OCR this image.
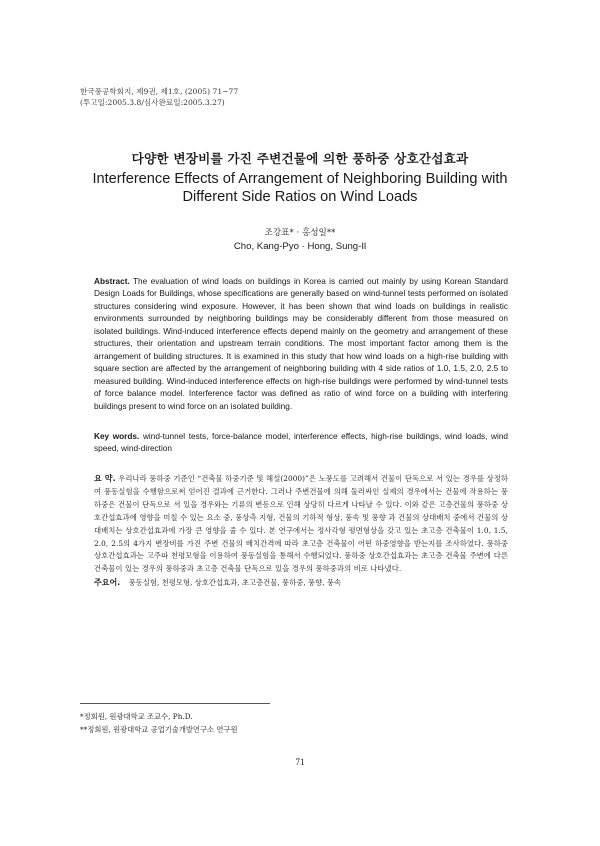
한국풍공학회지, 제9권, 제1호, (2005) 71~77
(투고일:2005.3.8/심사완료일:2005.3.27)
다양한 변장비를 가진 주변건물에 의한 풍하중 상호간섭효과
Interference Effects of Arrangement of Neighboring Building with
Different Side Ratios on Wind Loads
조강표* · 홍성일**
Cho, Kang-Pyo · Hong, Sung-Il
Abstract. The evaluation of wind loads on buildings in Korea is carried out mainly by using Korean Standard Design Loads for Buildings, whose specifications are generally based on wind-tunnel tests performed on isolated structures considering wind exposure. However, it has been shown that wind loads on buildings in realistic environments surrounded by neighboring buildings may be considerably different from those measured on isolated buildings. Wind-induced interference effects depend mainly on the geometry and arrangement of these structures, their orientation and upstream terrain conditions. The most important factor among them is the arrangement of building structures. It is examined in this study that how wind loads on a high-rise building with square section are affected by the arrangement of neighboring building with 4 side ratios of 1.0, 1.5, 2.0, 2.5 to measured building. Wind-induced interference effects on high-rise buildings were performed by wind-tunnel tests of force balance model. Interference factor was defined as ratio of wind force on a building with interfering buildings present to wind force on an isolated building.
Key words. wind-tunnel tests, force-balance model, interference effects, high-rise buildings, wind loads, wind speed, wind-direction
요 약. 우리나라 풍하중 기준인 “건축물 하중기준 및 해설(2000)”은 노풍도를 고려해서 건물이 단독으로 서 있는 경우를 상정하여 풍동실험을 수행함으로써 얻어진 결과에 근거한다. 그러나 주변건물에 의해 둘러싸인 실제의 경우에서는 건물에 작용하는 풍하중은 건물이 단독으로 서 있을 경우와는 기류의 변동으로 인해 상당히 다르게 나타날 수 있다. 이와 같은 고층건물의 풍하중 상호간섭효과에 영향을 미칠 수 있는 요소 중, 풍상측 지형, 건물의 기하적 형상, 풍속 및 풍향 과 건물의 상대배치 중에서 건물의 상대배치는 상호간섭효과에 가장 큰 영향을 줄 수 있다. 본 연구에서는 정사각형 평면형상을 갖고 있는 초고층 건축물이 1.0, 1.5, 2.0, 2.5의 4가지 변장비를 가진 주변 건물의 배치간격에 따라 초고층 건축물이 어떤 하중영향을 받는지를 조사하였다. 풍하중 상호간섭효과는 고주파 천평모형을 이용하여 풍동실험을 통해서 수행되었다. 풍하중 상호간섭효과는 초고층 건축물 주변에 다른 건축물이 있는 경우의 풍하중과 초고층 건축물 단독으로 있을 경우의 풍하중과의 비로 나타냈다.
주요어. 풍동실험, 천평모형, 상호간섭효과, 초고층건물, 풍하중, 풍향, 풍속
*정회원, 원광대학교 조교수, Ph.D.
**정회원, 원광대학교 공업기술개발연구소 연구원
71
